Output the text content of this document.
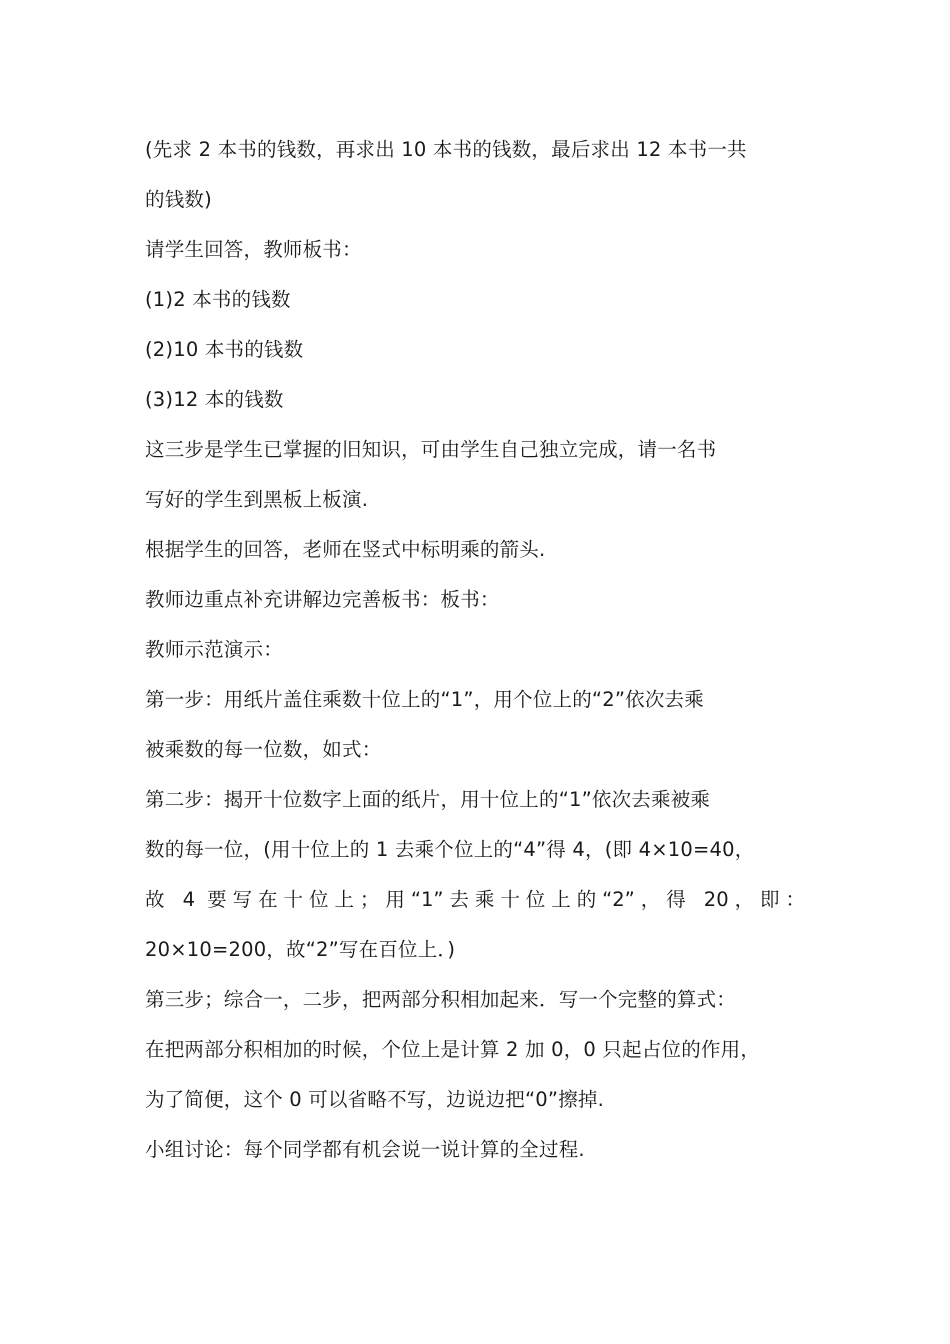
(先求 2 本书的钱数，再求出 10 本书的钱数，最后求出 12 本书一共
的钱数)
请学生回答，教师板书：
(1)2 本书的钱数
(2)10 本书的钱数
(3)12 本的钱数
这三步是学生已掌握的旧知识，可由学生自己独立完成，请一名书
写好的学生到黑板上板演.
根据学生的回答，老师在竖式中标明乘的箭头.
教师边重点补充讲解边完善板书：板书：
教师示范演示：
第一步：用纸片盖住乘数十位上的“1”，用个位上的“2”依次去乘
被乘数的每一位数，如式：
第二步：揭开十位数字上面的纸片，用十位上的“1”依次去乘被乘
数的每一位，(用十位上的 1 去乘个位上的“4”得 4，(即 4×10=40，
故 4 要写在十位上；用“1”去乘十位上的“2”，得 20，即：
20×10=200，故“2”写在百位上．)
第三步；综合一，二步，把两部分积相加起来．写一个完整的算式：
在把两部分积相加的时候，个位上是计算 2 加 0，0 只起占位的作用，
为了简便，这个 0 可以省略不写，边说边把“0”擦掉.
小组讨论：每个同学都有机会说一说计算的全过程.
